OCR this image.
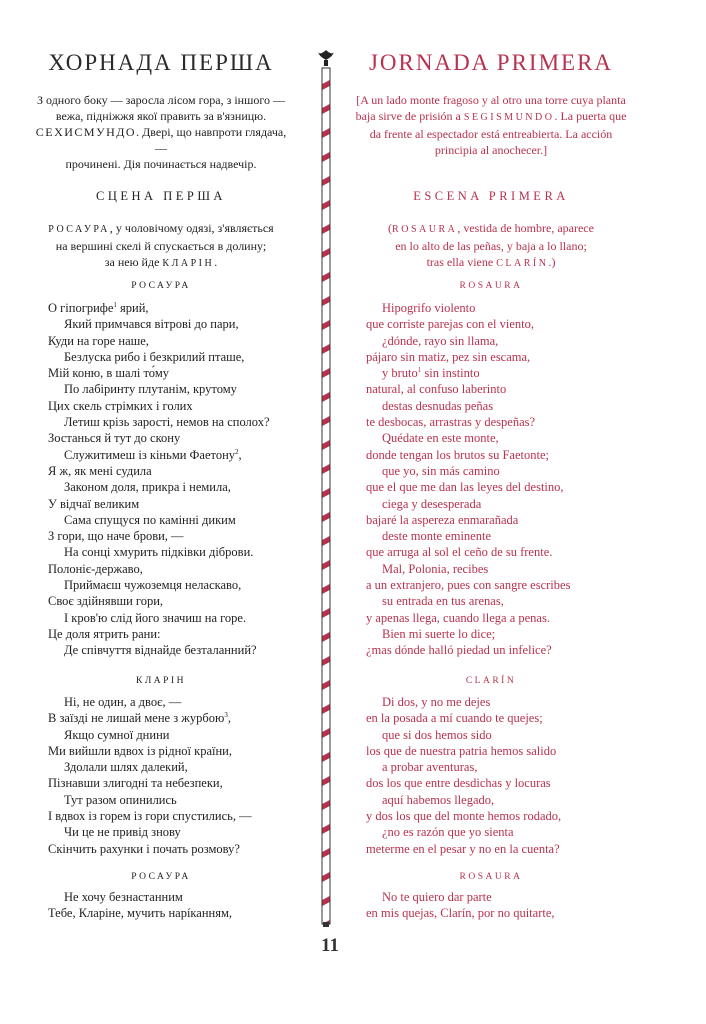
ХОРНАДА ПЕРША
З одного боку — заросла лісом гора, з іншого —
вежа, підніжжя якої править за в'язницю.
СЕХИСМУНДО. Двері, що навпроти глядача, —
прочинені. Дія починається надвечір.
СЦЕНА ПЕРША
РОСАУРА, у чоловічому одязі, з'являється
на вершині скелі й спускається в долину;
за нею йде КЛАРІН.
РОСАУРА
О гіпогрифе$^1$ ярий,
Який примчався вітрові до пари,
Куди на горе наше,
Безлуска рибо і безкрилий пташе,
Мій коню, в шалі то́му
По лабіринту плутанім, крутому
Цих скель стрімких і голих
Летиш крізь зарості, немов на сполох?
Зостанься й тут до скону
Служитимеш із кіньми Фаетону$^2$,
Я ж, як мені судила
Законом доля, прикра і немила,
У відчаї великим
Сама спущуся по камінні диким
З гори, що наче брови, —
На сонці хмурить підківки діброви.
Полоніє-державо,
Приймаєш чужоземця неласкаво,
Своє здійнявши гори,
І кров'ю слід його значиш на горе.
Це доля ятрить рани:
Де співчуття віднайде безталанний?
КЛАРІН
Ні, не один, а двоє, —
В заїзді не лишай мене з журбою$^3$,
Якщо сумної днини
Ми вийшли вдвох із рідної країни,
Здолали шлях далекий,
Пізнавши злигодні та небезпеки,
Тут разом опинились
І вдвох із горем із гори спустились, —
Чи це не привід знову
Скінчить рахунки і почать розмову?
РОСАУРА
Не хочу безнастанним
Тебе, Кларіне, мучить нарíканням,
JORNADA PRIMERA
[A un lado monte fragoso y al otro una torre cuya planta
baja sirve de prisión a SEGISMUNDO. La puerta que
da frente al espectador está entreabierta. La acción
principia al anochecer.]
ESCENA PRIMERA
(ROSAURA, vestida de hombre, aparece
en lo alto de las peñas, y baja a lo llano;
tras ella viene CLARÍN.)
ROSAURA
Hipogrifo violento
que corriste parejas con el viento,
¿dónde, rayo sin llama,
pájaro sin matiz, pez sin escama,
y bruto$^1$ sin instinto
natural, al confuso laberinto
destas desnudas peñas
te desbocas, arrastras y despeñas?
Quédate en este monte,
donde tengan los brutos su Faetonte;
que yo, sin más camino
que el que me dan las leyes del destino,
ciega y desesperada
bajaré la aspereza enmarañada
deste monte eminente
que arruga al sol el ceño de su frente.
Mal, Polonia, recibes
a un extranjero, pues con sangre escribes
su entrada en tus arenas,
y apenas llega, cuando llega a penas.
Bien mi suerte lo dice;
¿mas dónde halló piedad un infelice?
CLARÍN
Di dos, y no me dejes
en la posada a mí cuando te quejes;
que si dos hemos sido
los que de nuestra patria hemos salido
a probar aventuras,
dos los que entre desdichas y locuras
aquí habemos llegado,
y dos los que del monte hemos rodado,
¿no es razón que yo sienta
meterme en el pesar y no en la cuenta?
ROSAURA
No te quiero dar parte
en mis quejas, Clarín, por no quitarte,
11
